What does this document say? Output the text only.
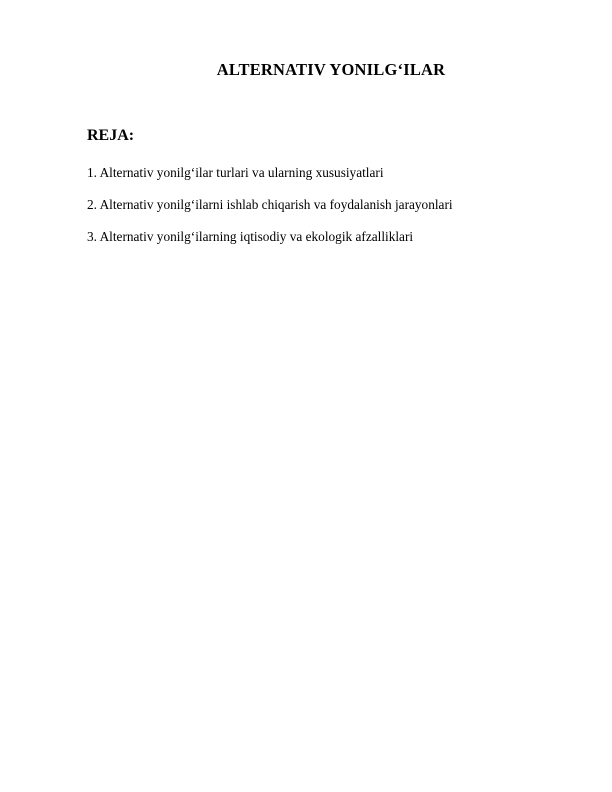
ALTERNATIV YONILG‘ILAR
REJA:
1. Alternativ yonilg‘ilar turlari va ularning xususiyatlari
2. Alternativ yonilg‘ilarni ishlab chiqarish va foydalanish jarayonlari
3. Alternativ yonilg‘ilarning iqtisodiy va ekologik afzalliklari
